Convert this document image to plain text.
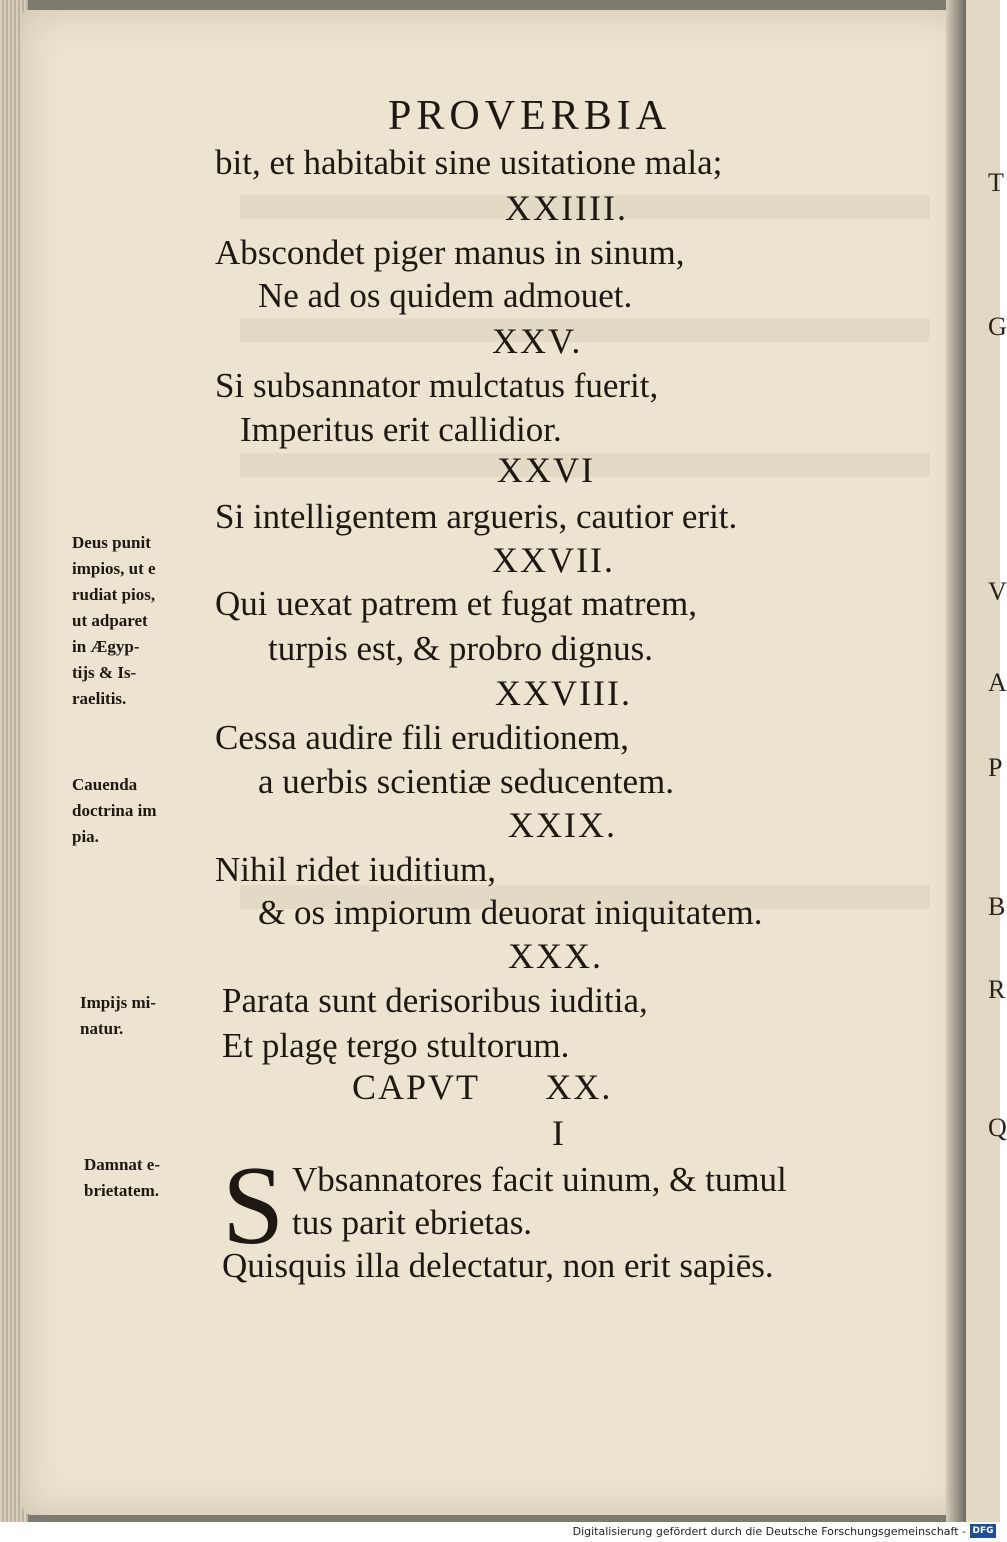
T
G
V
A
P
B
R
Q
PROVERBIA
bit, et habitabit sine usitatione mala;
XXIIII.
Abscondet piger manus in sinum,
Ne ad os quidem admouet.
XXV.
Si subsannator mulctatus fuerit,
Imperitus erit callidior.
XXVI
Si intelligentem argueris, cautior erit.
XXVII.
Qui uexat patrem et fugat matrem,
turpis est, & probro dignus.
XXVIII.
Cessa audire fili eruditionem,
a uerbis scientiæ seducentem.
XXIX.
Nihil ridet iuditium,
& os impiorum deuorat iniquitatem.
XXX.
Parata sunt derisoribus iuditia,
Et plagę tergo stultorum.
CAPVT      XX.
I
S Vbsannatores facit uinum, & tumul
tus parit ebrietas.
Quisquis illa delectatur, non erit sapiēs.
Deus punit
impios, ut e
rudiat pios,
ut adparet
in Ægyp-
tijs & Is-
raelitis.
Cauenda
doctrina im
pia.
Impijs mi-
natur.
Damnat e-
brietatem.
Digitalisierung gefördert durch die Deutsche Forschungsgemeinschaft - DFG
